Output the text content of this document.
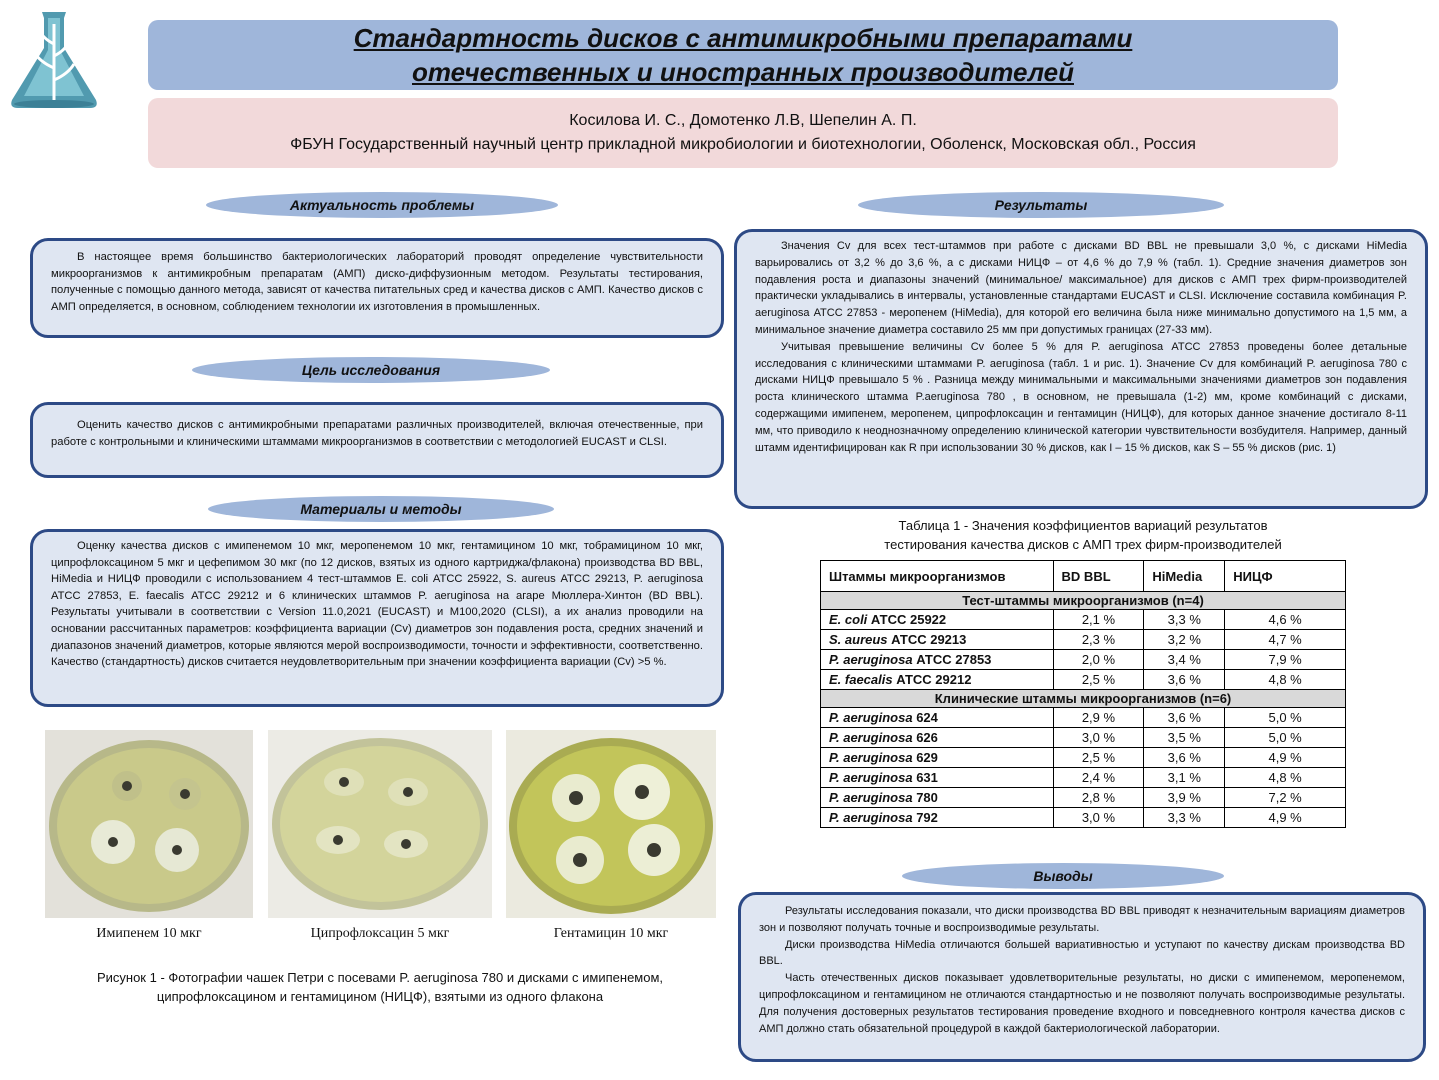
Стандартность дисков с антимикробными препаратами
отечественных и иностранных производителей
Косилова И. С., Домотенко Л.В, Шепелин А. П.
ФБУН Государственный научный центр прикладной микробиологии и биотехнологии, Оболенск, Московская обл., Россия
Актуальность проблемы

В настоящее время большинство бактериологических лабораторий проводят определение чувствительности микроорганизмов к антимикробным препаратам (АМП) диско-диффузионным методом. Результаты тестирования, полученные с помощью данного метода, зависят от качества питательных сред и качества дисков с АМП. Качество дисков с АМП определяется, в основном, соблюдением технологии их изготовления в промышленных.

Цель исследования

Оценить качество дисков с антимикробными препаратами различных производителей, включая отечественные, при работе с контрольными и клиническими штаммами микроорганизмов в соответствии с методологией EUCAST и CLSI.

Материалы и методы

Оценку качества дисков с имипенемом 10 мкг, меропенемом 10 мкг, гентамицином 10 мкг, тобрамицином 10 мкг, ципрофлоксацином 5 мкг и цефепимом 30 мкг (по 12 дисков, взятых из одного картриджа/флакона) производства BD BBL, HiMedia и НИЦФ проводили с использованием 4 тест-штаммов E. coli АТСС 25922, S. aureus АТСС 29213, P. aeruginosa АТСС 27853, E. faecalis АТСС 29212 и 6 клинических штаммов P. aeruginosa на агаре Мюллера-Хинтон (BD BBL). Результаты учитывали в соответствии с Version 11.0,2021 (EUCAST) и М100,2020 (CLSI), а их анализ проводили на основании рассчитанных параметров: коэффициента вариации (Cv) диаметров зон подавления роста, средних значений и диапазонов значений диаметров, которые являются мерой воспроизводимости, точности и эффективности, соответственно. Качество (стандартность) дисков считается неудовлетворительным при значении коэффициента вариации (Cv) >5 %.

Имипенем 10 мкг	Ципрофлоксацин 5 мкг	Гентамицин 10 мкг
Рисунок 1 - Фотографии чашек Петри с посевами P. aeruginosa 780 и дисками с имипенемом,
ципрофлоксацином и гентамицином (НИЦФ), взятыми из одного флакона
Результаты

Значения Cv для всех тест-штаммов при работе с дисками BD BBL не превышали 3,0 %, с дисками HiMedia варьировались от 3,2 % до 3,6 %, а с дисками НИЦФ – от 4,6 % до 7,9 % (табл. 1). Средние значения диаметров зон подавления роста и диапазоны значений (минимальное/ максимальное) для дисков с АМП трех фирм-производителей практически укладывались в интервалы, установленные стандартами EUCAST и CLSI. Исключение составила комбинация P. aeruginosa АТСС 27853 - меропенем (HiMedia), для которой его величина была ниже минимально допустимого на 1,5 мм, а минимальное значение диаметра составило 25 мм при допустимых границах (27-33 мм).

Учитывая превышение величины Cv более 5 % для P. aeruginosa АТСС 27853 проведены более детальные исследования с клиническими штаммами P. aeruginosa (табл. 1 и рис. 1). Значение Cv для комбинаций P. aeruginosa 780 с дисками НИЦФ превышало 5 % . Разница между минимальными и максимальными значениями диаметров зон подавления роста клинического штамма P.aeruginosa 780 , в основном, не превышала (1-2) мм, кроме комбинаций с дисками, содержащими имипенем, меропенем, ципрофлоксацин и гентамицин (НИЦФ), для которых данное значение достигало 8-11 мм, что приводило к неоднозначному определению клинической категории чувствительности возбудителя. Например, данный штамм идентифицирован как R при использовании 30 % дисков, как I – 15 % дисков, как S – 55 % дисков (рис. 1)

Таблица 1 - Значения коэффициентов вариаций результатов
тестирования качества дисков с АМП трех фирм-производителей
Штаммы микроорганизмов	BD BBL	HiMedia	НИЦФ
Тест-штаммы микроорганизмов (n=4)			
E. coli АТСС 25922	2,1 %	3,3 %	4,6 %
S. aureus АТСС 29213	2,3 %	3,2 %	4,7 %
P. aeruginosa АТСС 27853	2,0 %	3,4 %	7,9 %
E. faecalis АТСС 29212	2,5 %	3,6 %	4,8 %
Клинические штаммы микроорганизмов (n=6)			
P. aeruginosa 624	2,9 %	3,6 %	5,0 %
P. aeruginosa 626	3,0 %	3,5 %	5,0 %
P. aeruginosa 629	2,5 %	3,6 %	4,9 %
P. aeruginosa 631	2,4 %	3,1 %	4,8 %
P. aeruginosa 780	2,8 %	3,9 %	7,2 %
P. aeruginosa 792	3,0 %	3,3 %	4,9 %
Выводы

Результаты исследования показали, что диски производства BD BBL приводят к незначительным вариациям диаметров зон и позволяют получать точные и воспроизводимые результаты.

Диски производства HiMedia отличаются большей вариативностью и уступают по качеству дискам производства BD BBL.

Часть отечественных дисков показывает удовлетворительные результаты, но диски с имипенемом, меропенемом, ципрофлоксацином и гентамицином не отличаются стандартностью и не позволяют получать воспроизводимые результаты. Для получения достоверных результатов тестирования проведение входного и повседневного контроля качества дисков с АМП должно стать обязательной процедурой в каждой бактериологической лаборатории.
